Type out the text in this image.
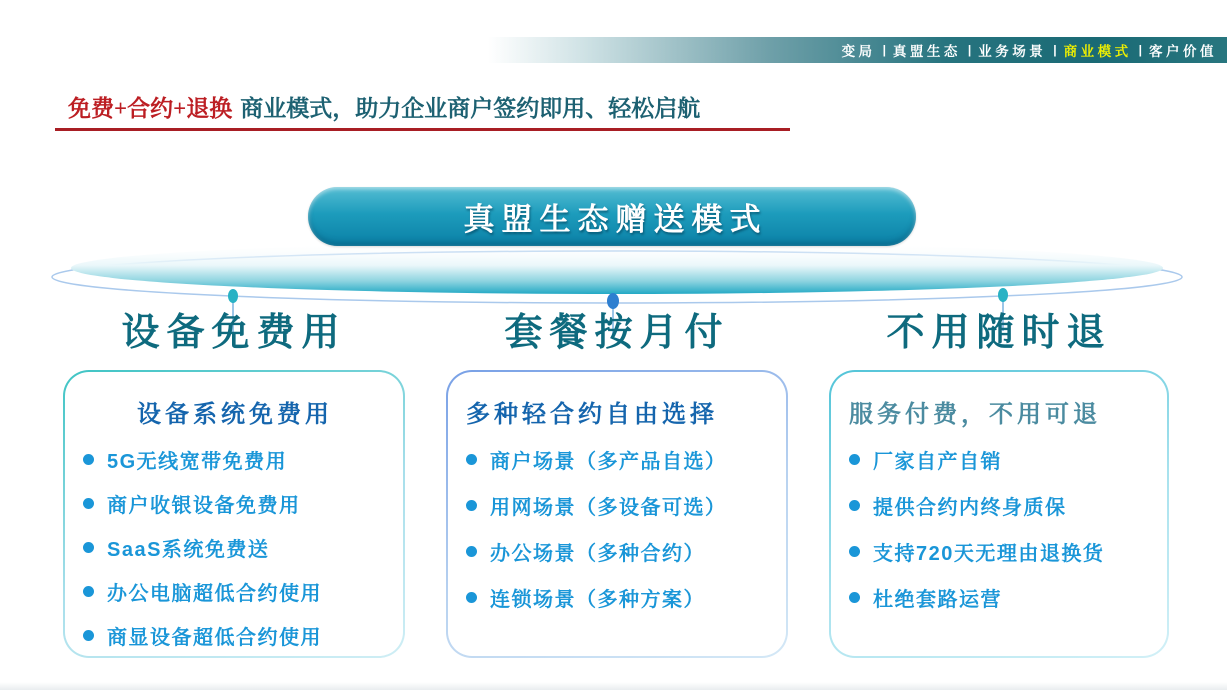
变局 | 真盟生态 | 业务场景 | 商业模式 | 客户价值
免费+合约+退换 商业模式，助力企业商户签约即用、轻松启航
真盟生态赠送模式
设备免费用
设备系统免费用
5G无线宽带免费用
商户收银设备免费用
SaaS系统免费送
办公电脑超低合约使用
商显设备超低合约使用
套餐按月付
多种轻合约自由选择
商户场景（多产品自选）
用网场景（多设备可选）
办公场景（多种合约）
连锁场景（多种方案）
不用随时退
服务付费，不用可退
厂家自产自销
提供合约内终身质保
支持720天无理由退换货
杜绝套路运营
